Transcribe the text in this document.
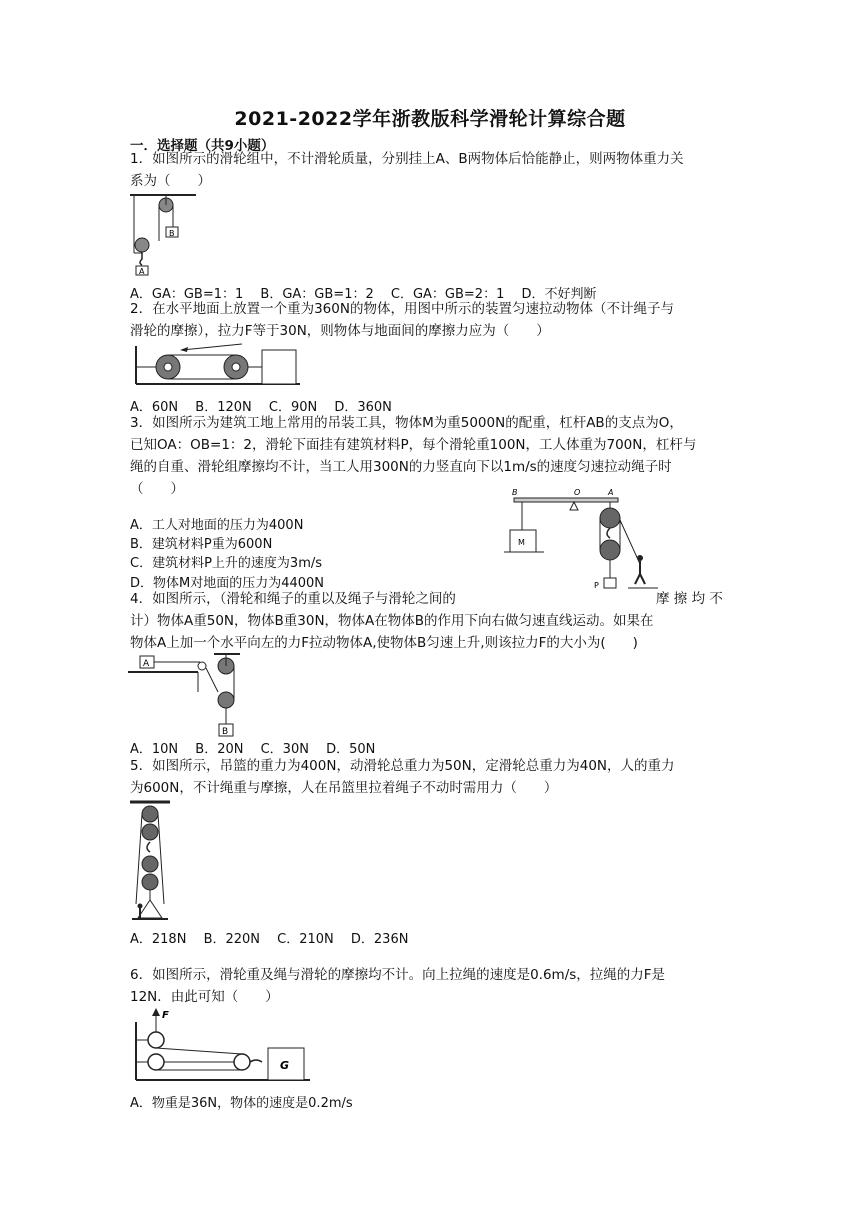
2021-2022学年浙教版科学滑轮计算综合题
一．选择题（共9小题）
1．如图所示的滑轮组中，不计滑轮质量，分别挂上A、B两物体后恰能静止，则两物体重力关
系为（　　）
B
A
A．GA：GB=1：1　 B．GA：GB=1：2　 C．GA：GB=2：1　 D．不好判断
2．在水平地面上放置一个重为360N的物体，用图中所示的装置匀速拉动物体（不计绳子与
滑轮的摩擦），拉力F等于30N，则物体与地面间的摩擦力应为（　　）
A．60N　 B．120N　 C．90N　 D．360N
3．如图所示为建筑工地上常用的吊装工具，物体M为重5000N的配重，杠杆AB的支点为O，
已知OA：OB=1：2，滑轮下面挂有建筑材料P，每个滑轮重100N，工人体重为700N，杠杆与
绳的自重、滑轮组摩擦均不计，当工人用300N的力竖直向下以1m/s的速度匀速拉动绳子时
（　　）
A．工人对地面的压力为400N
B．建筑材料P重为600N
C．建筑材料P上升的速度为3m/s
D．物体M对地面的压力为4400N
B	O	A
M
P
4．如图所示，（滑轮和绳子的重以及绳子与滑轮之间的	摩 擦 均 不
计）物体A重50N，物体B重30N，物体A在物体B的作用下向右做匀速直线运动。如果在
物体A上加一个水平向左的力F拉动物体A,使物体B匀速上升,则该拉力F的大小为(　　)
A
B
A．10N　 B．20N　 C．30N　 D．50N
5．如图所示，吊篮的重力为400N，动滑轮总重力为50N，定滑轮总重力为40N，人的重力
为600N，不计绳重与摩擦，人在吊篮里拉着绳子不动时需用力（　　）
A．218N　 B．220N　 C．210N　 D．236N
6．如图所示，滑轮重及绳与滑轮的摩擦均不计。向上拉绳的速度是0.6m/s，拉绳的力F是
12N．由此可知（　　）
F
G
A．物重是36N，物体的速度是0.2m/s
